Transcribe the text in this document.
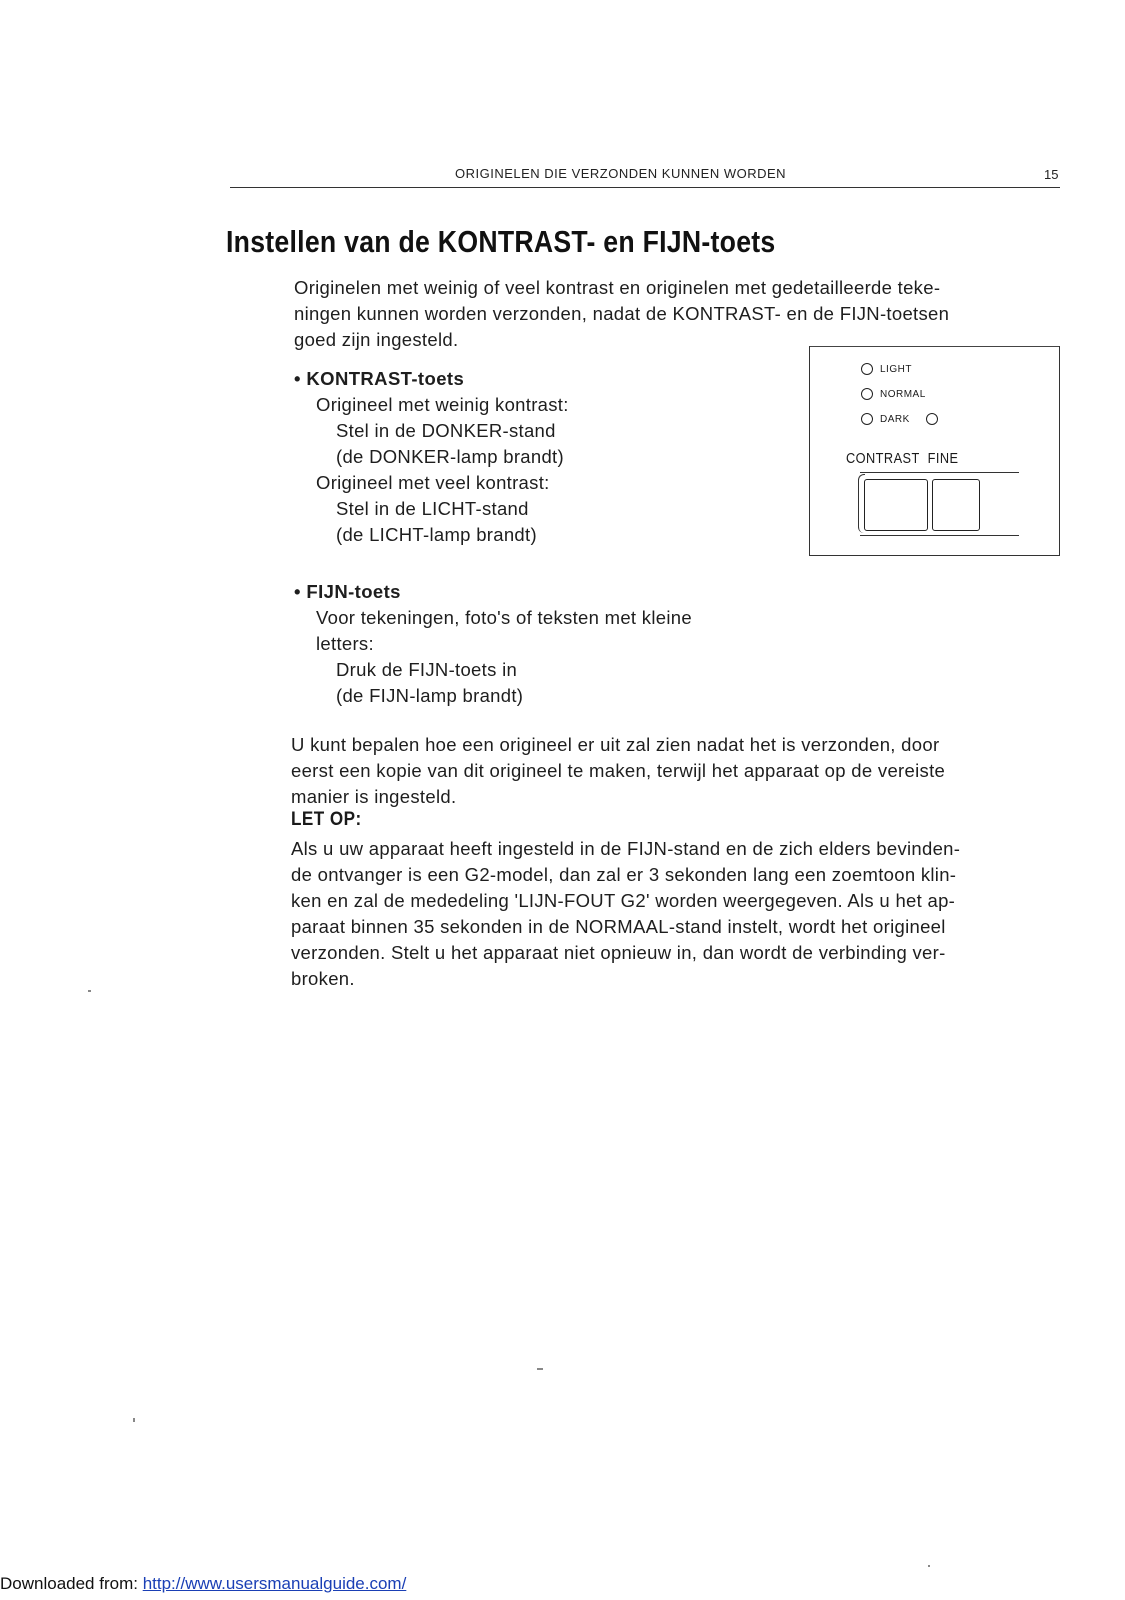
ORIGINELEN DIE VERZONDEN KUNNEN WORDEN	15
Instellen van de KONTRAST- en FIJN-toets
Originelen met weinig of veel kontrast en originelen met gedetailleerde teke-
ningen kunnen worden verzonden, nadat de KONTRAST- en de FIJN-toetsen
goed zijn ingesteld.
• KONTRAST-toets
Origineel met weinig kontrast:
Stel in de DONKER-stand
(de DONKER-lamp brandt)
Origineel met veel kontrast:
Stel in de LICHT-stand
(de LICHT-lamp brandt)
LIGHT
NORMAL
DARK
CONTRAST FINE
• FIJN-toets
Voor tekeningen, foto's of teksten met kleine
letters:
Druk de FIJN-toets in
(de FIJN-lamp brandt)
U kunt bepalen hoe een origineel er uit zal zien nadat het is verzonden, door
eerst een kopie van dit origineel te maken, terwijl het apparaat op de vereiste
manier is ingesteld.
LET OP:
Als u uw apparaat heeft ingesteld in de FIJN-stand en de zich elders bevinden-
de ontvanger is een G2-model, dan zal er 3 sekonden lang een zoemtoon klin-
ken en zal de mededeling 'LIJN-FOUT G2' worden weergegeven. Als u het ap-
paraat binnen 35 sekonden in de NORMAAL-stand instelt, wordt het origineel
verzonden. Stelt u het apparaat niet opnieuw in, dan wordt de verbinding ver-
broken.
Downloaded from: http://www.usersmanualguide.com/
